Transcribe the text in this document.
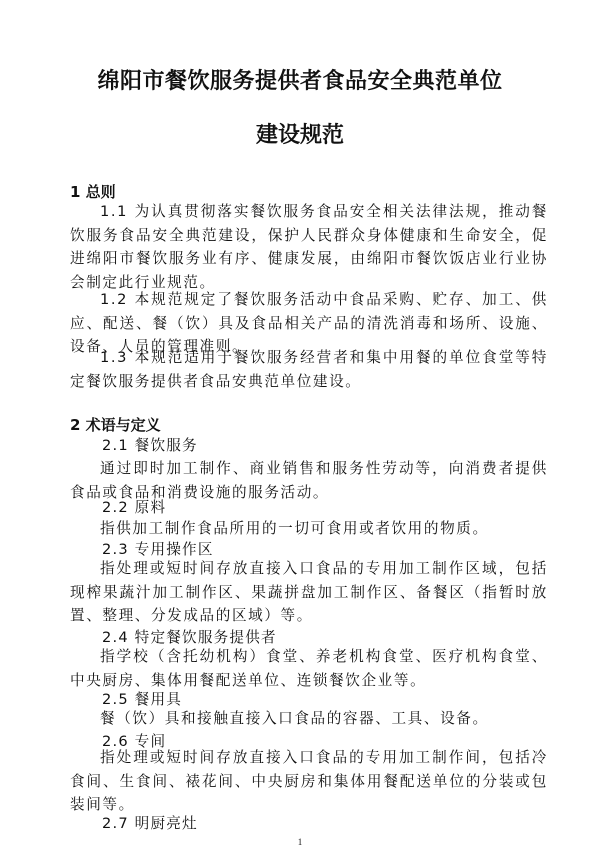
绵阳市餐饮服务提供者食品安全典范单位
建设规范
1 总则
1.1 为认真贯彻落实餐饮服务食品安全相关法律法规，推动餐饮服务食品安全典范建设，保护人民群众身体健康和生命安全，促进绵阳市餐饮服务业有序、健康发展，由绵阳市餐饮饭店业行业协会制定此行业规范。
1.2 本规范规定了餐饮服务活动中食品采购、贮存、加工、供应、配送、餐（饮）具及食品相关产品的清洗消毒和场所、设施、设备、人员的管理准则。
1.3 本规范适用于餐饮服务经营者和集中用餐的单位食堂等特定餐饮服务提供者食品安典范单位建设。
2 术语与定义
2.1 餐饮服务
通过即时加工制作、商业销售和服务性劳动等，向消费者提供食品或食品和消费设施的服务活动。
2.2 原料
指供加工制作食品所用的一切可食用或者饮用的物质。
2.3 专用操作区
指处理或短时间存放直接入口食品的专用加工制作区域，包括现榨果蔬汁加工制作区、果蔬拼盘加工制作区、备餐区（指暂时放置、整理、分发成品的区域）等。
2.4 特定餐饮服务提供者
指学校（含托幼机构）食堂、养老机构食堂、医疗机构食堂、中央厨房、集体用餐配送单位、连锁餐饮企业等。
2.5 餐用具
餐（饮）具和接触直接入口食品的容器、工具、设备。
2.6 专间
指处理或短时间存放直接入口食品的专用加工制作间，包括冷食间、生食间、裱花间、中央厨房和集体用餐配送单位的分装或包装间等。
2.7 明厨亮灶
1
